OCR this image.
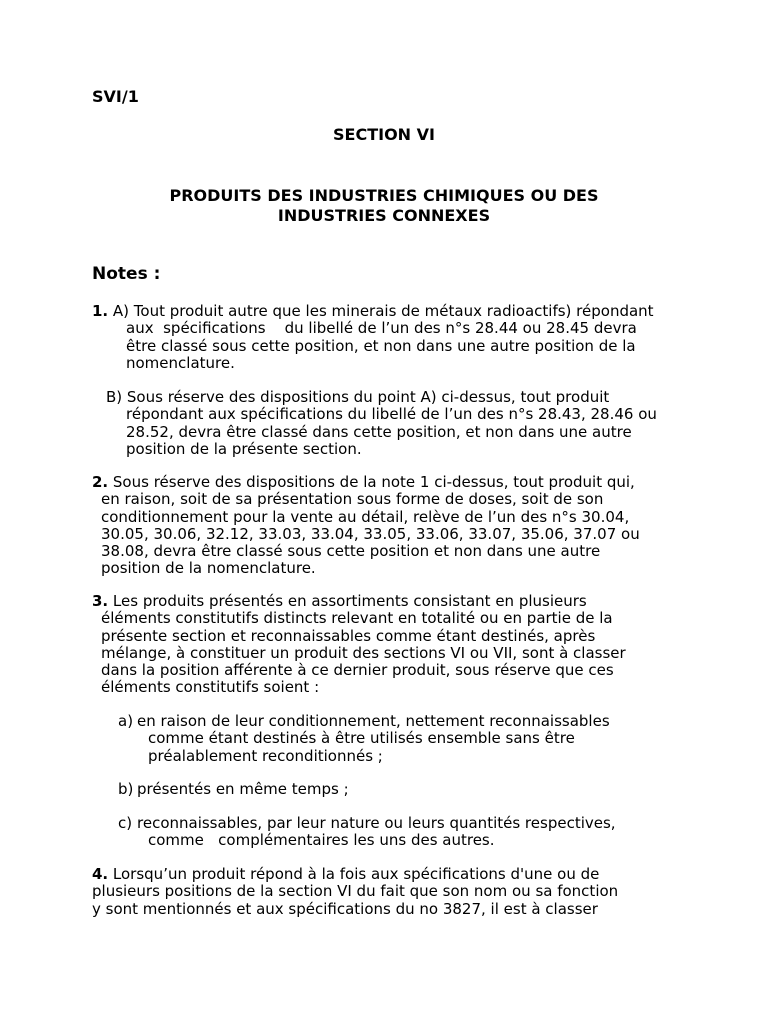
SVI/1
SECTION VI
PRODUITS DES INDUSTRIES CHIMIQUES OU DES
INDUSTRIES CONNEXES
Notes :
1. A) Tout produit autre que les minerais de métaux radioactifs) répondant
aux  spécifications    du libellé de l’un des n°s 28.44 ou 28.45 devra
être classé sous cette position, et non dans une autre position de la
nomenclature.
B) Sous réserve des dispositions du point A) ci-dessus, tout produit
répondant aux spécifications du libellé de l’un des n°s 28.43, 28.46 ou
28.52, devra être classé dans cette position, et non dans une autre
position de la présente section.
2. Sous réserve des dispositions de la note 1 ci-dessus, tout produit qui,
en raison, soit de sa présentation sous forme de doses, soit de son
conditionnement pour la vente au détail, relève de l’un des n°s 30.04,
30.05, 30.06, 32.12, 33.03, 33.04, 33.05, 33.06, 33.07, 35.06, 37.07 ou
38.08, devra être classé sous cette position et non dans une autre
position de la nomenclature.
3. Les produits présentés en assortiments consistant en plusieurs
éléments constitutifs distincts relevant en totalité ou en partie de la
présente section et reconnaissables comme étant destinés, après
mélange, à constituer un produit des sections VI ou VII, sont à classer
dans la position afférente à ce dernier produit, sous réserve que ces
éléments constitutifs soient :
a) en raison de leur conditionnement, nettement reconnaissables
comme étant destinés à être utilisés ensemble sans être
préalablement reconditionnés ;
b) présentés en même temps ;
c) reconnaissables, par leur nature ou leurs quantités respectives,
comme   complémentaires les uns des autres.
4. Lorsqu’un produit répond à la fois aux spécifications d'une ou de
plusieurs positions de la section VI du fait que son nom ou sa fonction
y sont mentionnés et aux spécifications du no 3827, il est à classer
